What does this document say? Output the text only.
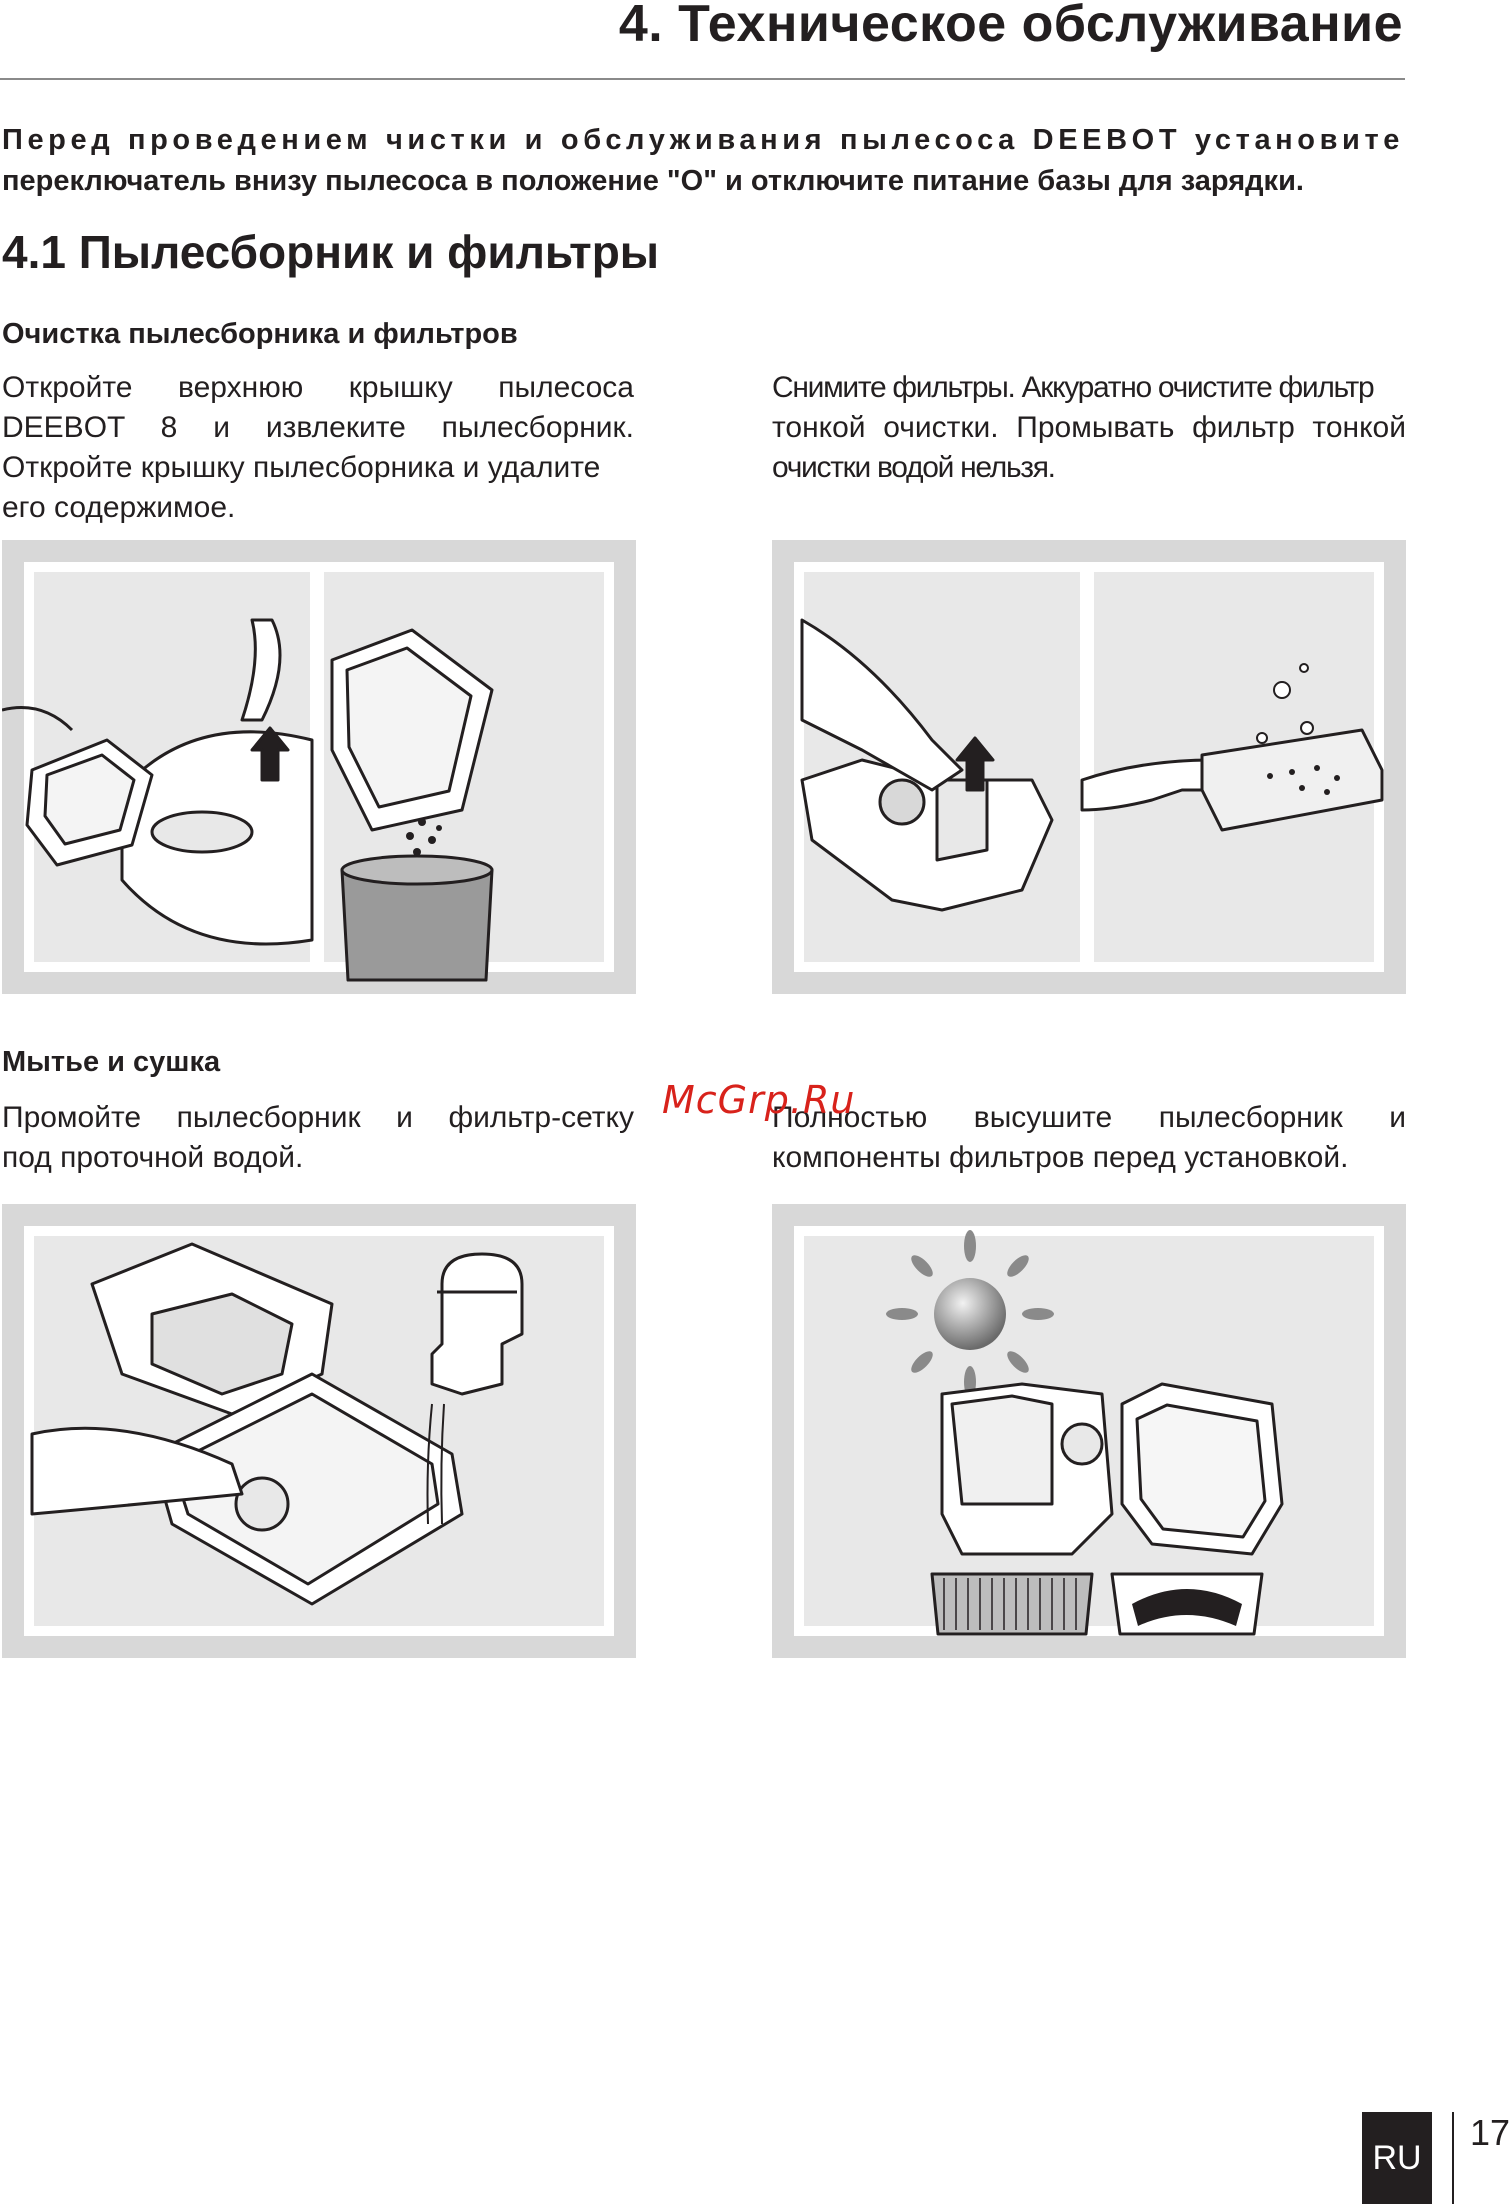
4. Техническое обслуживание
Перед проведением чистки и обслуживания пылесоса DEEBOT установите
переключатель внизу пылесоса в положение "О" и отключите питание базы для зарядки.
4.1 Пылесборник и фильтры
Очистка пылесборника и фильтров
Откройте верхнюю крышку пылесоса
DEEBOT 8 и извлеките пылесборник.
Откройте крышку пылесборника и удалите
его содержимое.
Снимите фильтры. Аккуратно очистите фильтр
тонкой очистки. Промывать фильтр тонкой
очистки водой нельзя.
Мытье и сушка
Промойте пылесборник и фильтр-сетку
под проточной водой.
Полностью высушите пылесборник и
компоненты фильтров перед установкой.
McGrp.Ru
RU
17
